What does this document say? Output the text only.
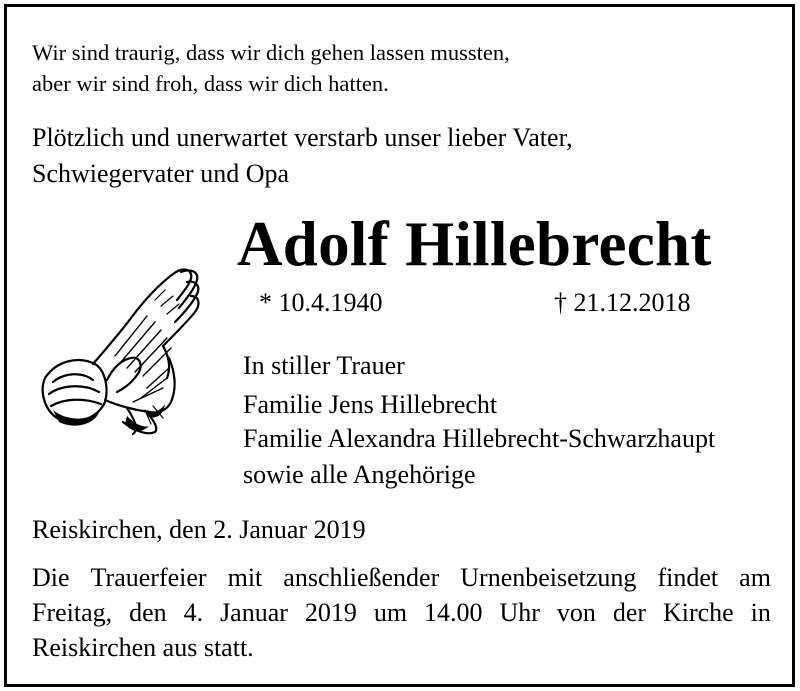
Wir sind traurig, dass wir dich gehen lassen mussten,
aber wir sind froh, dass wir dich hatten.
Plötzlich und unerwartet verstarb unser lieber Vater,
Schwiegervater und Opa
Adolf Hillebrecht
* 10.4.1940	† 21.12.2018
In stiller Trauer
Familie Jens Hillebrecht
Familie Alexandra Hillebrecht-Schwarzhaupt
sowie alle Angehörige
Reiskirchen, den 2. Januar 2019
Die Trauerfeier mit anschließender Urnenbeisetzung findet am
Freitag, den 4. Januar 2019 um 14.00 Uhr von der Kirche in
Reiskirchen aus statt.
